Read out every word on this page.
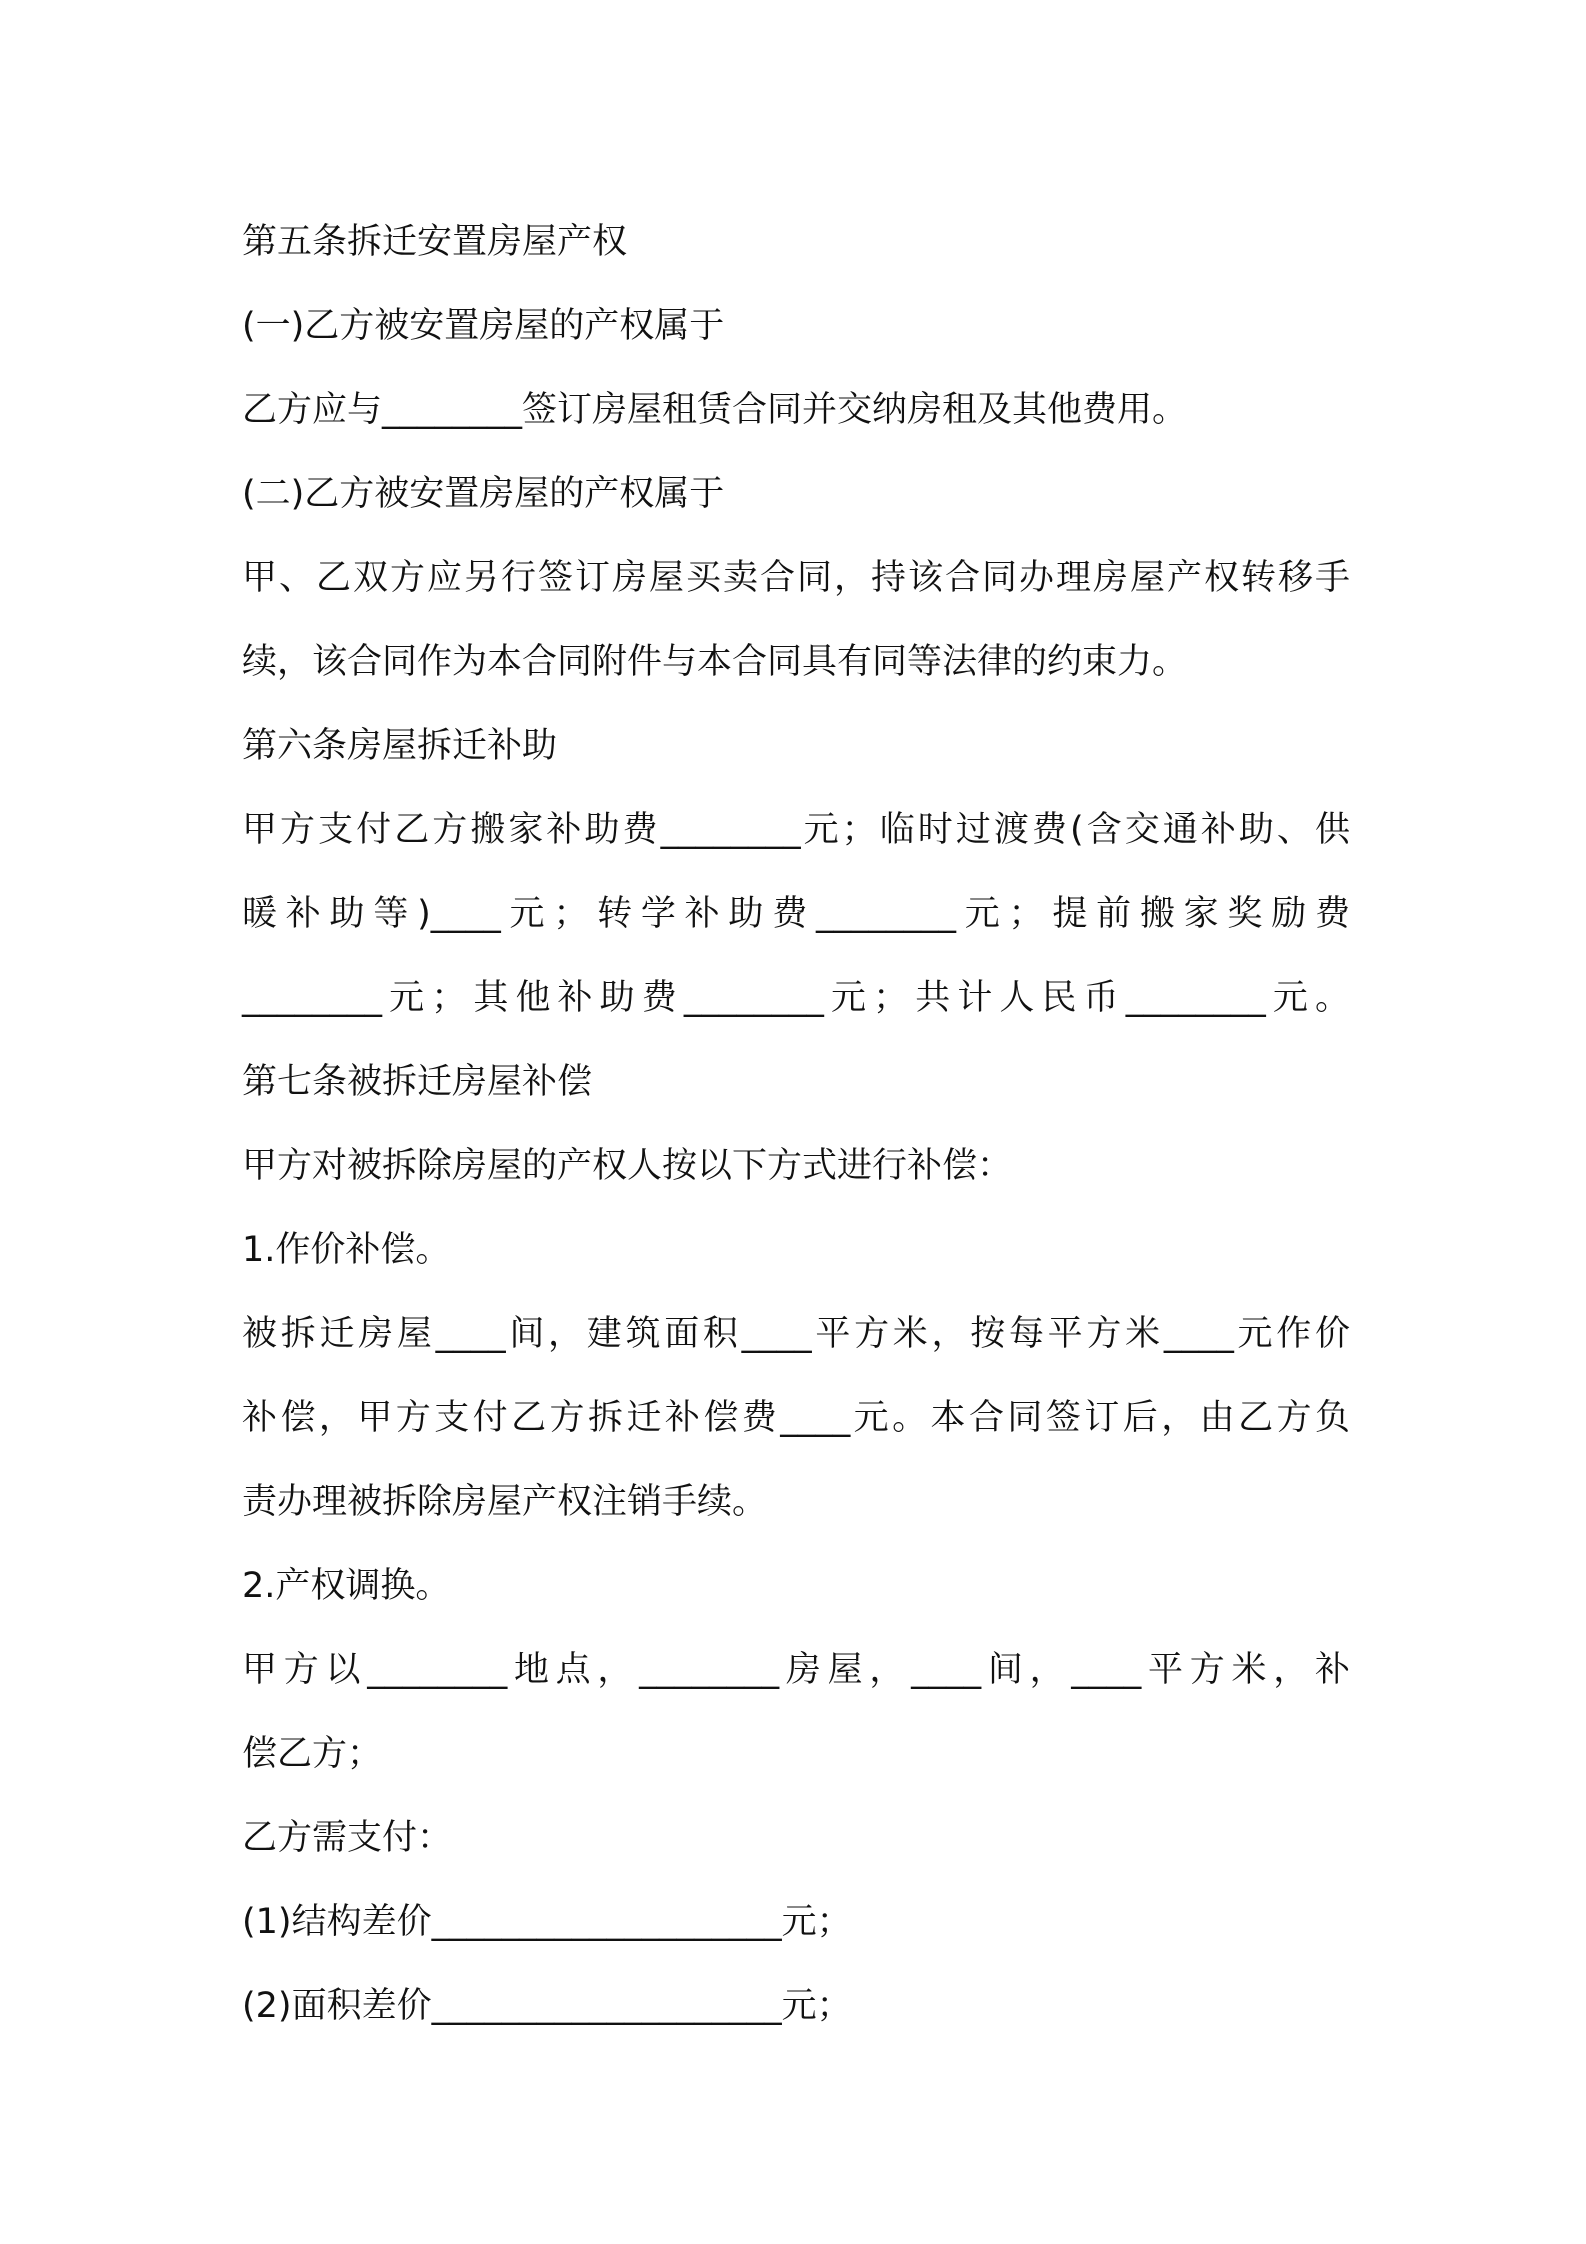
第五条拆迁安置房屋产权

(一)乙方被安置房屋的产权属于

乙方应与________签订房屋租赁合同并交纳房租及其他费用。

(二)乙方被安置房屋的产权属于

甲、乙双方应另行签订房屋买卖合同，持该合同办理房屋产权转移手

续，该合同作为本合同附件与本合同具有同等法律的约束力。

第六条房屋拆迁补助

甲方支付乙方搬家补助费________元；临时过渡费(含交通补助、供

暖补助等)____元；转学补助费________元；提前搬家奖励费

________元；其他补助费________元；共计人民币________元。

第七条被拆迁房屋补偿

甲方对被拆除房屋的产权人按以下方式进行补偿：

1.作价补偿。

被拆迁房屋____间，建筑面积____平方米，按每平方米____元作价

补偿，甲方支付乙方拆迁补偿费____元。本合同签订后，由乙方负

责办理被拆除房屋产权注销手续。

2.产权调换。

甲方以________地点，________房屋，____间，____平方米，补

偿乙方；

乙方需支付：

(1)结构差价____________________元；

(2)面积差价____________________元；
